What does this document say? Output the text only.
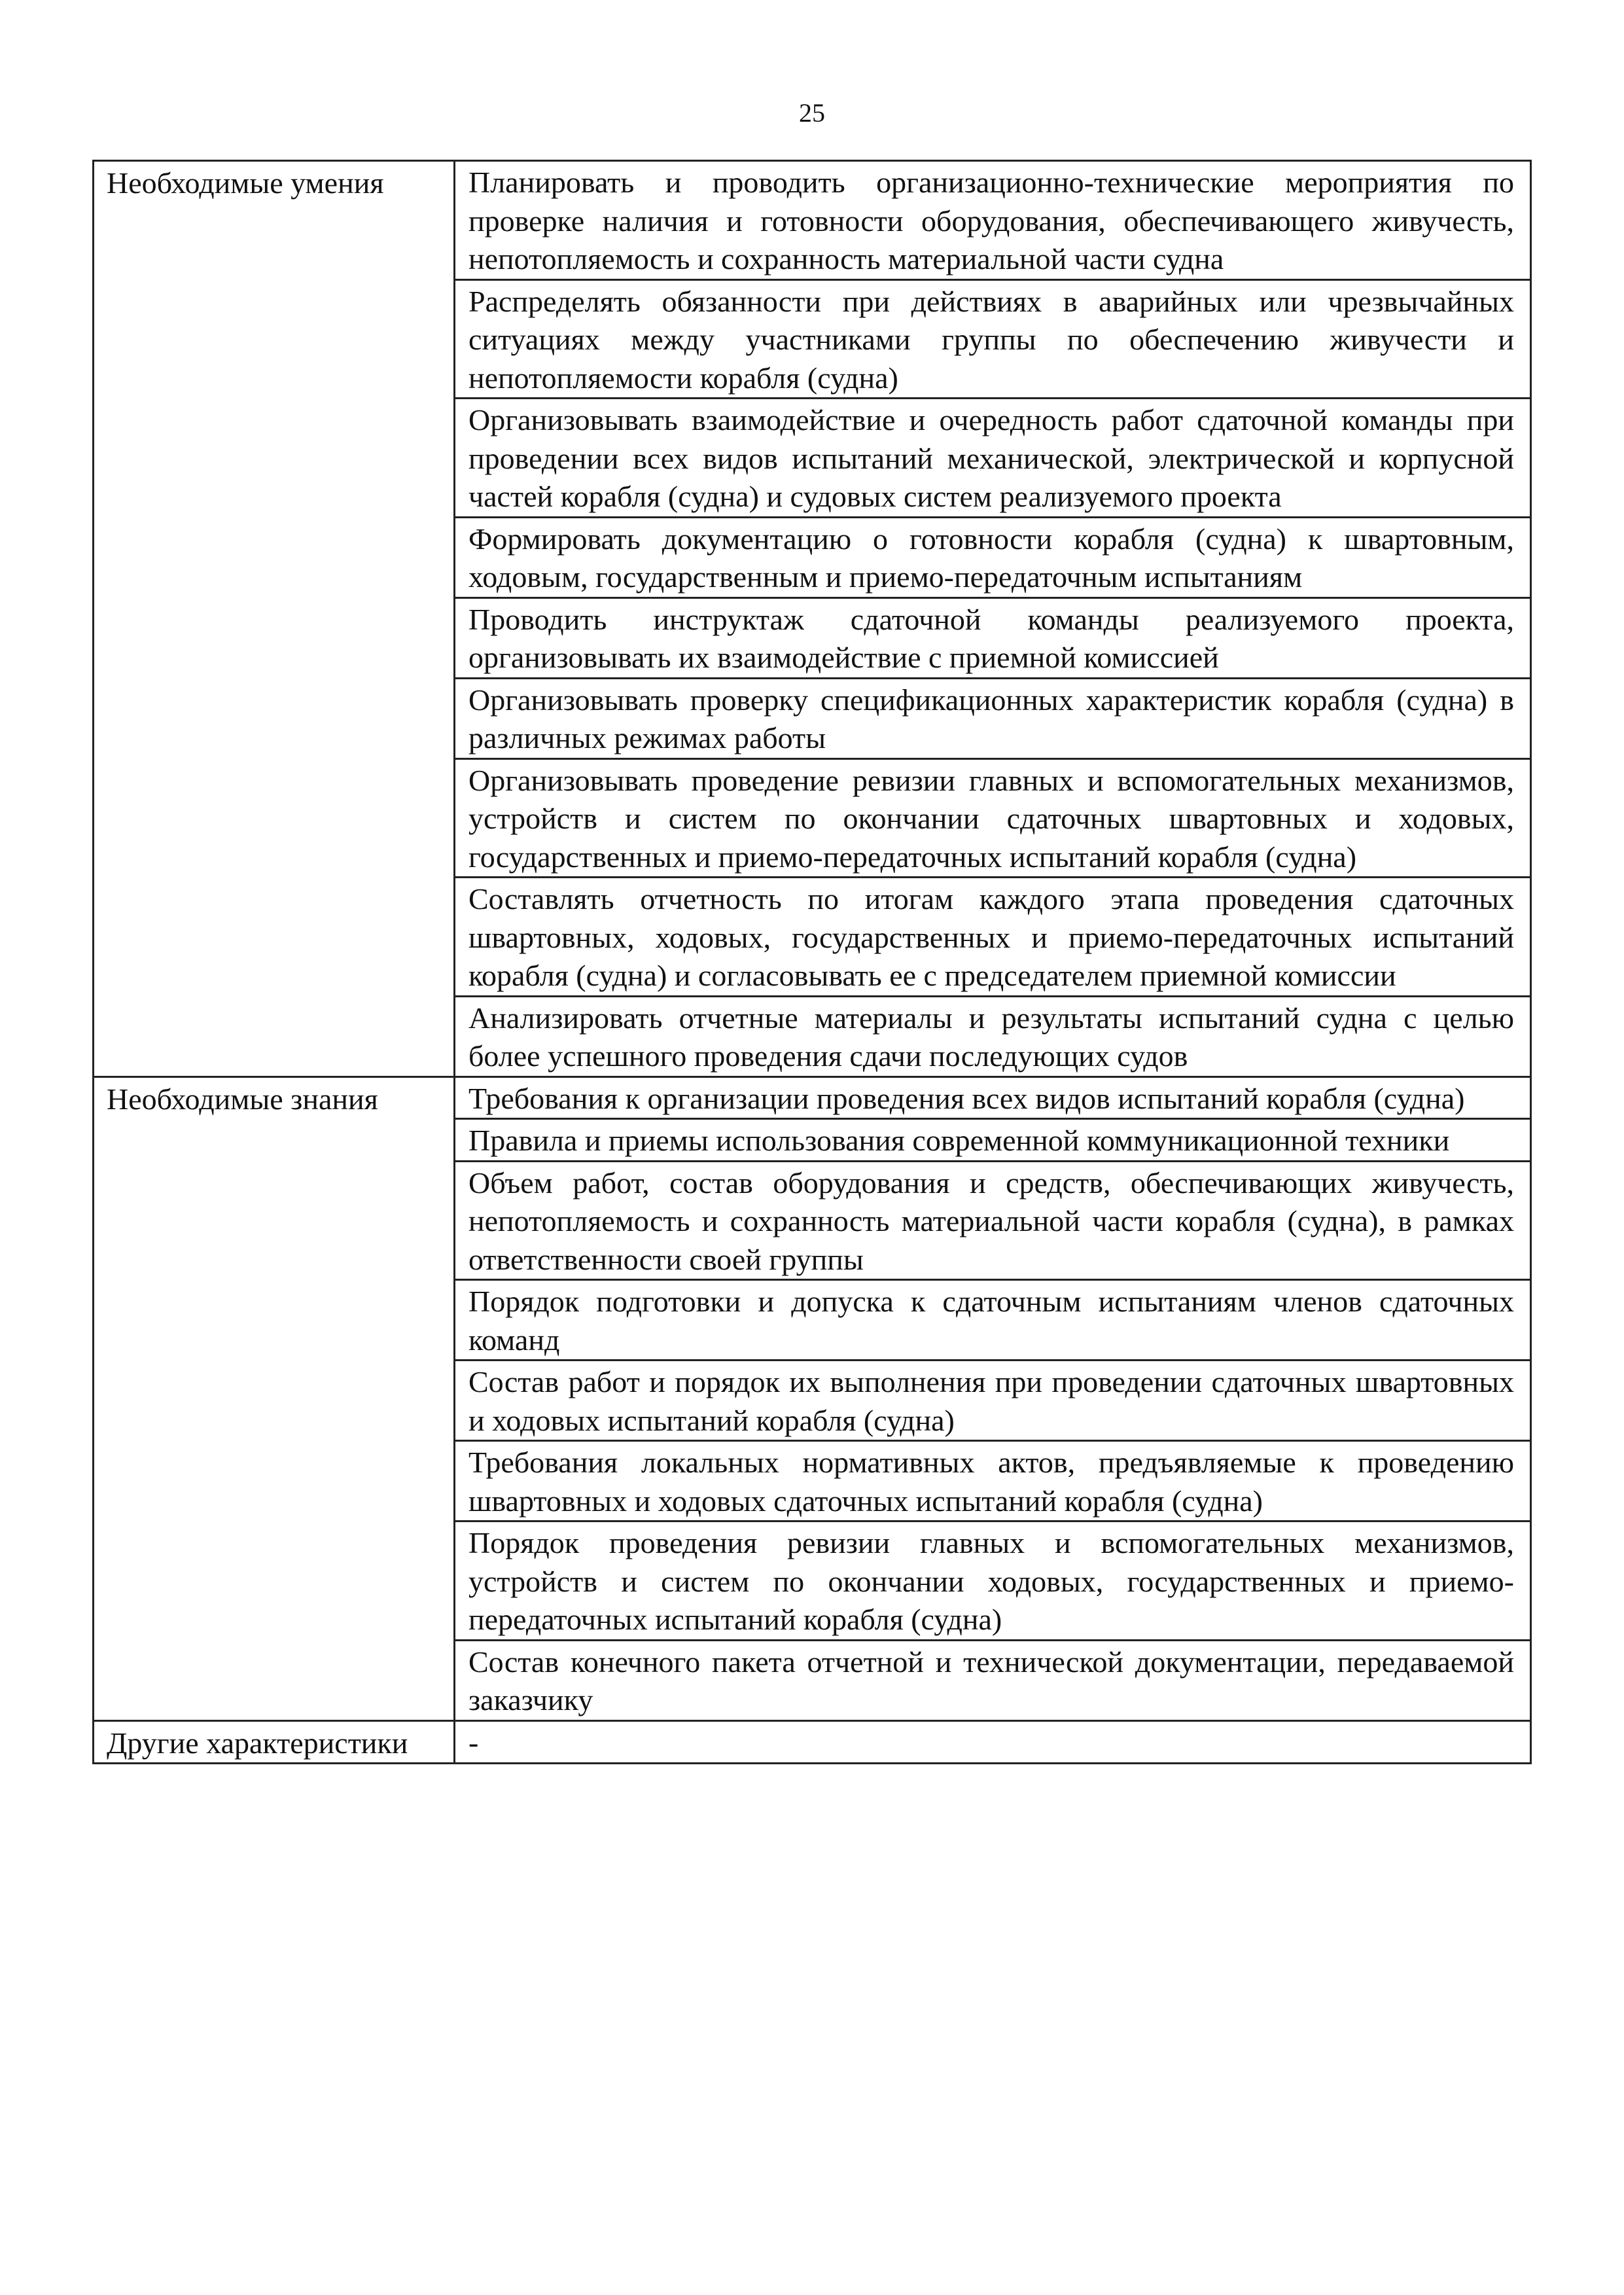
25
Необходимые умения	Планировать и проводить организационно-технические мероприятия по проверке наличия и готовности оборудования, обеспечивающего живучесть, непотопляемость и сохранность материальной части судна
	Распределять обязанности при действиях в аварийных или чрезвычайных ситуациях между участниками группы по обеспечению живучести и непотопляемости корабля (судна)
	Организовывать взаимодействие и очередность работ сдаточной команды при проведении всех видов испытаний механической, электрической и корпусной частей корабля (судна) и судовых систем реализуемого проекта
	Формировать документацию о готовности корабля (судна) к швартовным, ходовым, государственным и приемо-передаточным испытаниям
	Проводить инструктаж сдаточной команды реализуемого проекта, организовывать их взаимодействие с приемной комиссией
	Организовывать проверку спецификационных характеристик корабля (судна) в различных режимах работы
	Организовывать проведение ревизии главных и вспомогательных механизмов, устройств и систем по окончании сдаточных швартовных и ходовых, государственных и приемо-передаточных испытаний корабля (судна)
	Составлять отчетность по итогам каждого этапа проведения сдаточных швартовных, ходовых, государственных и приемо-передаточных испытаний корабля (судна) и согласовывать ее с председателем приемной комиссии
	Анализировать отчетные материалы и результаты испытаний судна с целью более успешного проведения сдачи последующих судов
Необходимые знания	Требования к организации проведения всех видов испытаний корабля (судна)
	Правила и приемы использования современной коммуникационной техники
	Объем работ, состав оборудования и средств, обеспечивающих живучесть, непотопляемость и сохранность материальной части корабля (судна), в рамках ответственности своей группы
	Порядок подготовки и допуска к сдаточным испытаниям членов сдаточных команд
	Состав работ и порядок их выполнения при проведении сдаточных швартовных и ходовых испытаний корабля (судна)
	Требования локальных нормативных актов, предъявляемые к проведению швартовных и ходовых сдаточных испытаний корабля (судна)
	Порядок проведения ревизии главных и вспомогательных механизмов, устройств и систем по окончании ходовых, государственных и приемо-передаточных испытаний корабля (судна)
	Состав конечного пакета отчетной и технической документации, передаваемой заказчику
Другие характеристики	-
